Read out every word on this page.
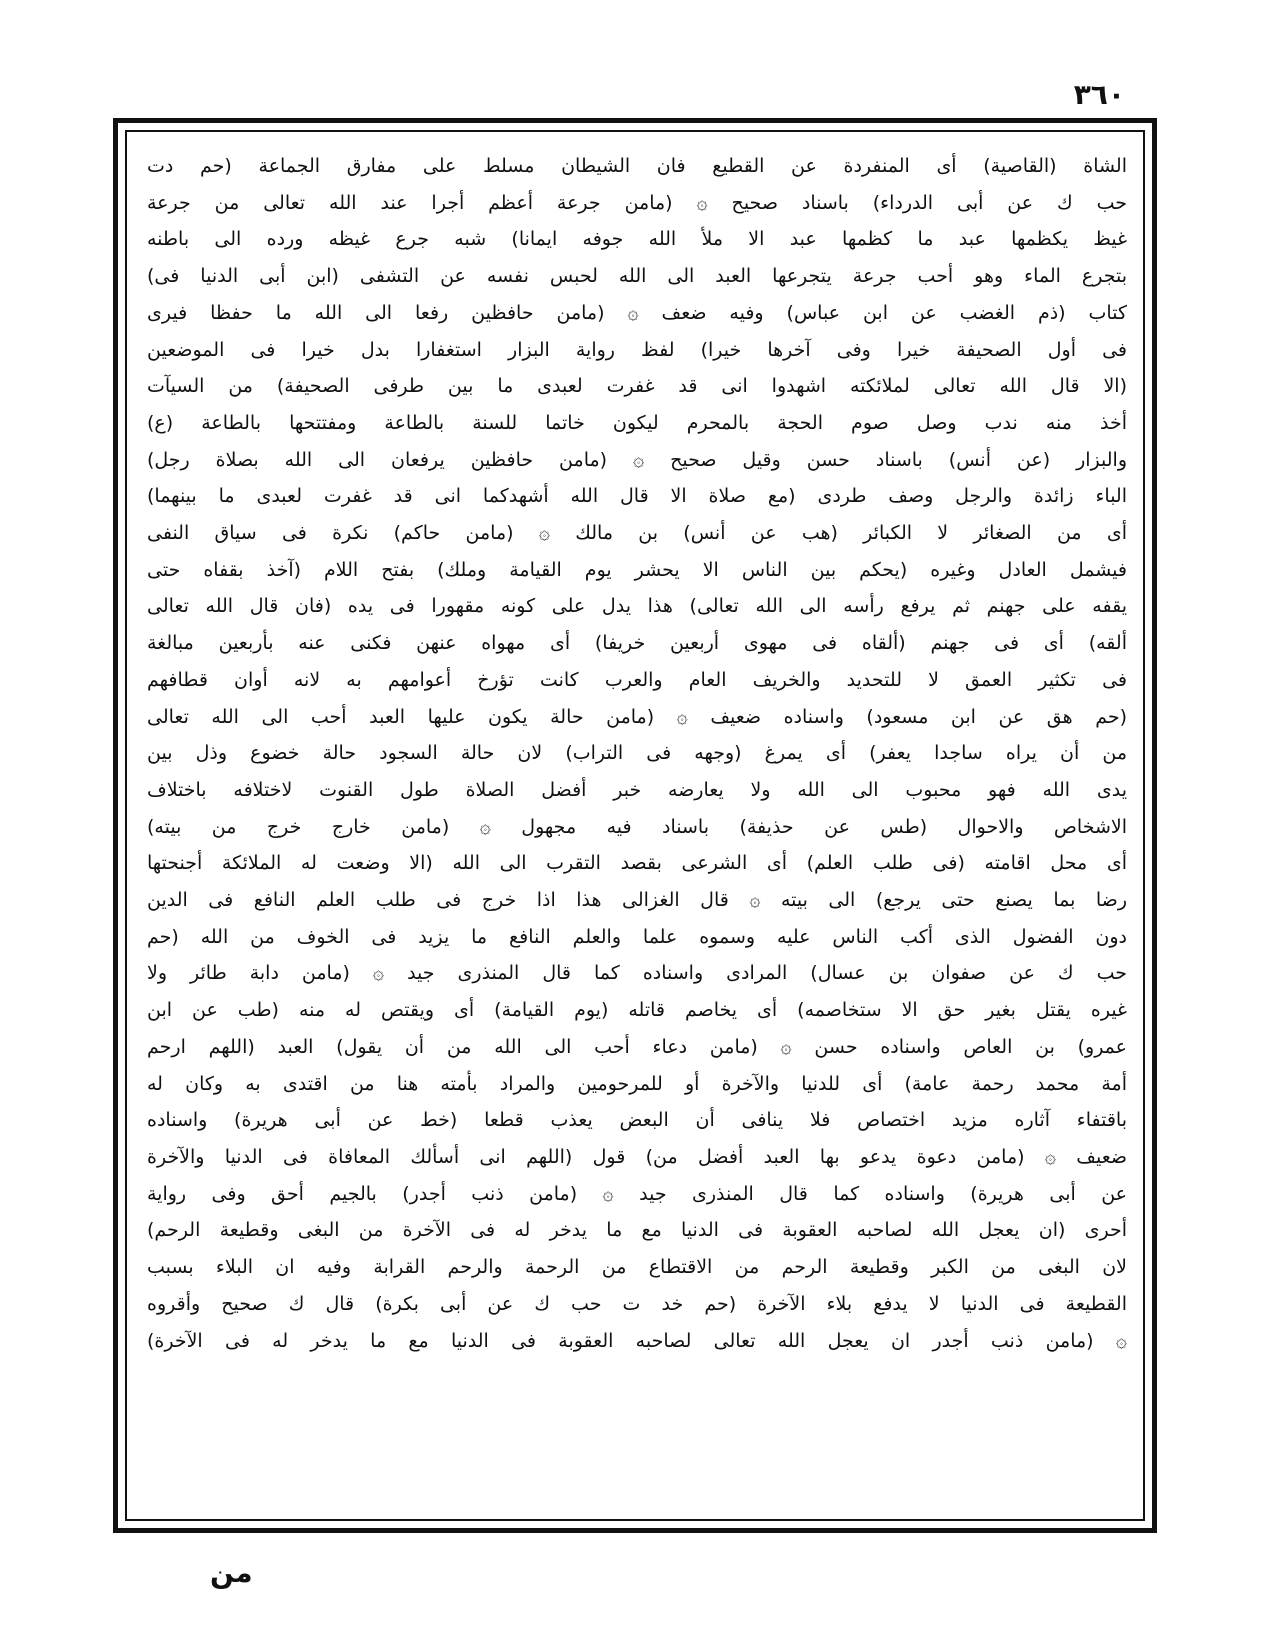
٣٦٠
الشاة (القاصية) أى المنفردة عن القطيع فان الشيطان مسلط على مفارق الجماعة (حم دت
حب ك عن أبى الدرداء) باسناد صحيح ۞ (مامن جرعة أعظم أجرا عند الله تعالى من جرعة
غيظ يكظمها عبد ما كظمها عبد الا ملأ الله جوفه ايمانا) شبه جرع غيظه ورده الى باطنه
بتجرع الماء وهو أحب جرعة يتجرعها العبد الى الله لحبس نفسه عن التشفى (ابن أبى الدنيا فى)
كتاب (ذم الغضب عن ابن عباس) وفيه ضعف ۞ (مامن حافظين رفعا الى الله ما حفظا فيرى
فى أول الصحيفة خيرا وفى آخرها خيرا) لفظ رواية البزار استغفارا بدل خيرا فى الموضعين
(الا قال الله تعالى لملائكته اشهدوا انى قد غفرت لعبدى ما بين طرفى الصحيفة) من السيآت
أخذ منه ندب وصل صوم الحجة بالمحرم ليكون خاتما للسنة بالطاعة ومفتتحها بالطاعة (ع)
والبزار (عن أنس) باسناد حسن وقيل صحيح ۞ (مامن حافظين يرفعان الى الله بصلاة رجل)
الباء زائدة والرجل وصف طردى (مع صلاة الا قال الله أشهدكما انى قد غفرت لعبدى ما بينهما)
أى من الصغائر لا الكبائر (هب عن أنس) بن مالك ۞ (مامن حاكم) نكرة فى سياق النفى
فيشمل العادل وغيره (يحكم بين الناس الا يحشر يوم القيامة وملك) بفتح اللام (آخذ بقفاه حتى
يقفه على جهنم ثم يرفع رأسه الى الله تعالى) هذا يدل على كونه مقهورا فى يده (فان قال الله تعالى
ألقه) أى فى جهنم (ألقاه فى مهوى أربعين خريفا) أى مهواه عنهن فكنى عنه بأربعين مبالغة
فى تكثير العمق لا للتحديد والخريف العام والعرب كانت تؤرخ أعوامهم به لانه أوان قطافهم
(حم هق عن ابن مسعود) واسناده ضعيف ۞ (مامن حالة يكون عليها العبد أحب الى الله تعالى
من أن يراه ساجدا يعفر) أى يمرغ (وجهه فى التراب) لان حالة السجود حالة خضوع وذل بين
يدى الله فهو محبوب الى الله ولا يعارضه خبر أفضل الصلاة طول القنوت لاختلافه باختلاف
الاشخاص والاحوال (طس عن حذيفة) باسناد فيه مجهول ۞ (مامن خارج خرج من بيته)
أى محل اقامته (فى طلب العلم) أى الشرعى بقصد التقرب الى الله (الا وضعت له الملائكة أجنحتها
رضا بما يصنع حتى يرجع) الى بيته ۞ قال الغزالى هذا اذا خرج فى طلب العلم النافع فى الدين
دون الفضول الذى أكب الناس عليه وسموه علما والعلم النافع ما يزيد فى الخوف من الله (حم
حب ك عن صفوان بن عسال) المرادى واسناده كما قال المنذرى جيد ۞ (مامن دابة طائر ولا
غيره يقتل بغير حق الا ستخاصمه) أى يخاصم قاتله (يوم القيامة) أى ويقتص له منه (طب عن ابن
عمرو) بن العاص واسناده حسن ۞ (مامن دعاء أحب الى الله من أن يقول) العبد (اللهم ارحم
أمة محمد رحمة عامة) أى للدنيا والآخرة أو للمرحومين والمراد بأمته هنا من اقتدى به وكان له
باقتفاء آثاره مزيد اختصاص فلا ينافى أن البعض يعذب قطعا (خط عن أبى هريرة) واسناده
ضعيف ۞ (مامن دعوة يدعو بها العبد أفضل من) قول (اللهم انى أسألك المعافاة فى الدنيا والآخرة
عن أبى هريرة) واسناده كما قال المنذرى جيد ۞ (مامن ذنب أجدر) بالجيم أحق وفى رواية
أحرى (ان يعجل الله لصاحبه العقوبة فى الدنيا مع ما يدخر له فى الآخرة من البغى وقطيعة الرحم)
لان البغى من الكبر وقطيعة الرحم من الاقتطاع من الرحمة والرحم القرابة وفيه ان البلاء بسبب
القطيعة فى الدنيا لا يدفع بلاء الآخرة (حم خد ت حب ك عن أبى بكرة) قال ك صحيح وأقروه
۞ (مامن ذنب أجدر ان يعجل الله تعالى لصاحبه العقوبة فى الدنيا مع ما يدخر له فى الآخرة)
من
